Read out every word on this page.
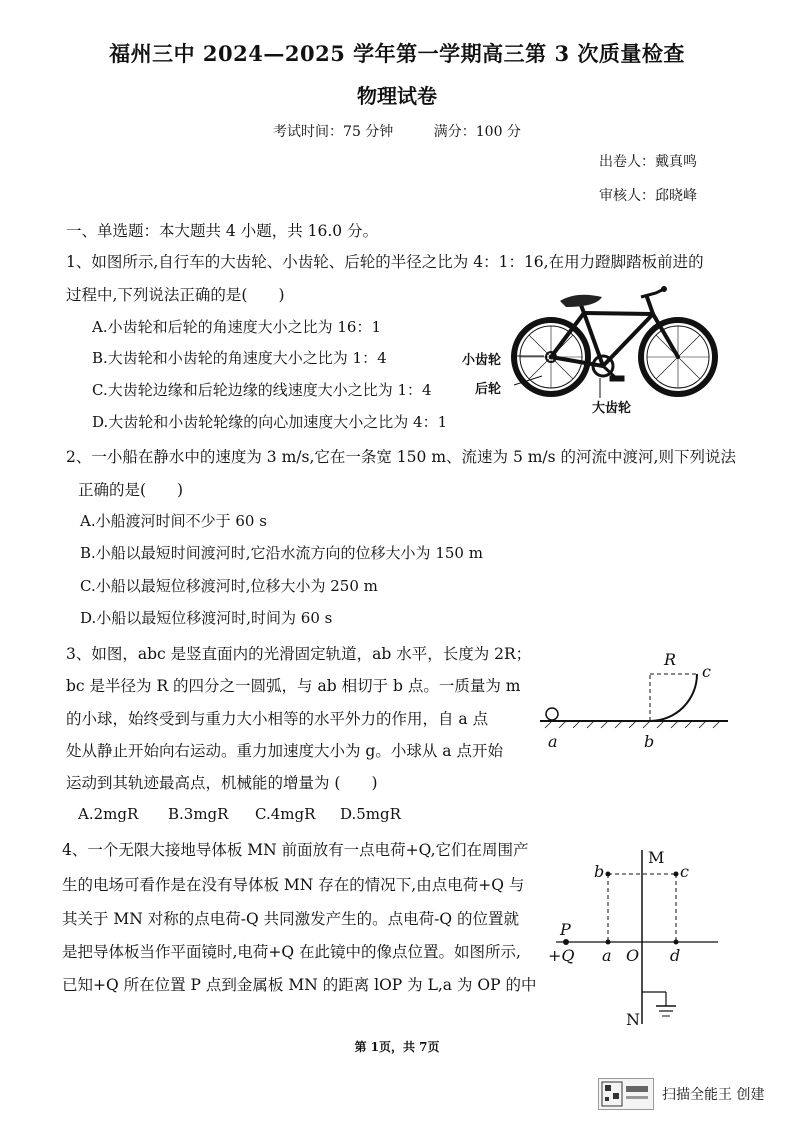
福州三中 2024—2025 学年第一学期高三第 3 次质量检查
物理试卷
考试时间：75 分钟	满分：100 分
出卷人：戴真鸣
审核人：邱晓峰
一、单选题：本大题共 4 小题，共 16.0 分。
1、如图所示,自行车的大齿轮、小齿轮、后轮的半径之比为 4：1：16,在用力蹬脚踏板前进的
过程中,下列说法正确的是(　　)
A.小齿轮和后轮的角速度大小之比为 16：1
B.大齿轮和小齿轮的角速度大小之比为 1：4
C.大齿轮边缘和后轮边缘的线速度大小之比为 1：4
D.大齿轮和小齿轮轮缘的向心加速度大小之比为 4：1
小齿轮
后轮
大齿轮
2、一小船在静水中的速度为 3 m/s,它在一条宽 150 m、流速为 5 m/s 的河流中渡河,则下列说法
正确的是(　　)
A.小船渡河时间不少于 60 s
B.小船以最短时间渡河时,它沿水流方向的位移大小为 150 m
C.小船以最短位移渡河时,位移大小为 250 m
D.小船以最短位移渡河时,时间为 60 s
3、如图，abc 是竖直面内的光滑固定轨道，ab 水平，长度为 2R；
bc 是半径为 R 的四分之一圆弧，与 ab 相切于 b 点。一质量为 m
的小球，始终受到与重力大小相等的水平外力的作用，自 a 点
处从静止开始向右运动。重力加速度大小为 g。小球从 a 点开始
运动到其轨迹最高点，机械能的增量为 (　　)
A.2mgR B.3mgR C.4mgR D.5mgR
R
c
a	b
4、一个无限大接地导体板 MN 前面放有一点电荷+Q,它们在周围产
生的电场可看作是在没有导体板 MN 存在的情况下,由点电荷+Q 与
其关于 MN 对称的点电荷-Q 共同激发产生的。点电荷-Q 的位置就
是把导体板当作平面镜时,电荷+Q 在此镜中的像点位置。如图所示,
已知+Q 所在位置 P 点到金属板 MN 的距离 lOP 为 L,a 为 OP 的中
M
N
b	c
P
+Q a O d
第 1页，共 7页
扫描全能王 创建
